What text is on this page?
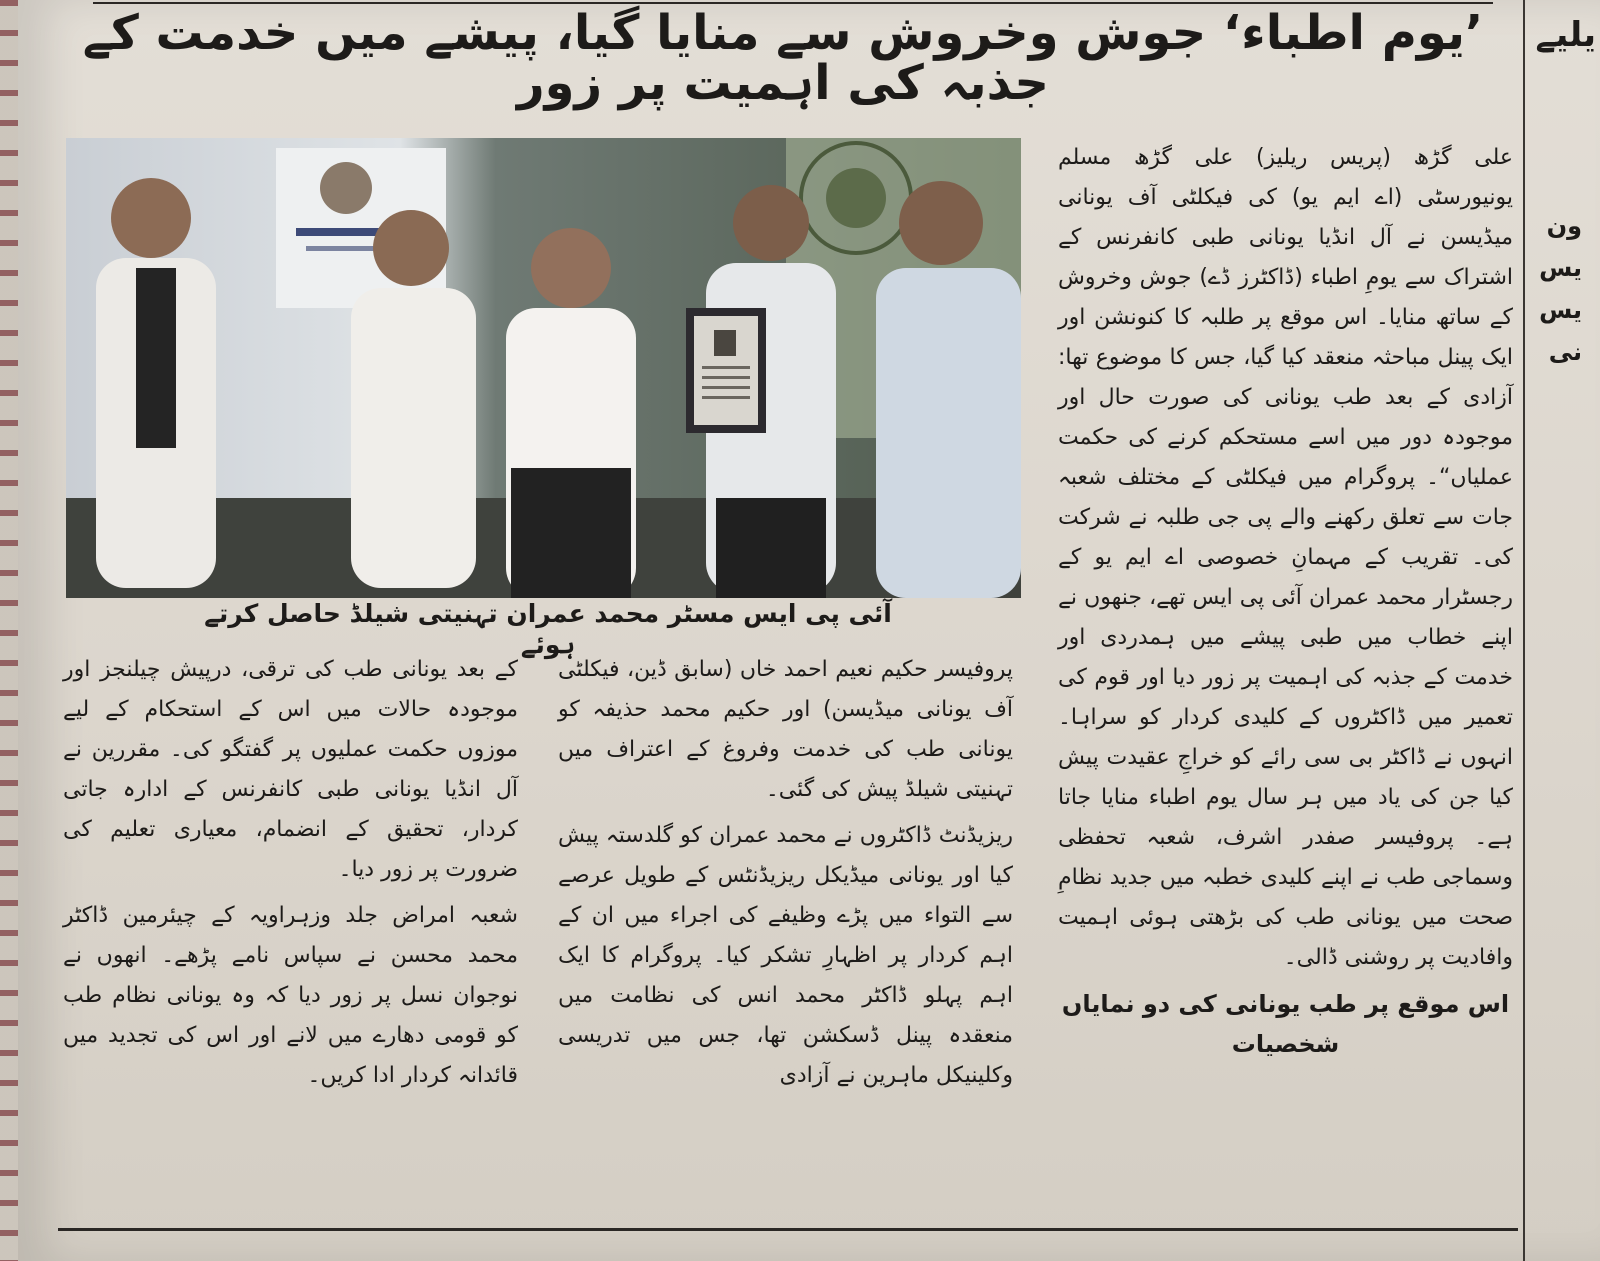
’یوم اطباء‘ جوش وخروش سے منایا گیا، پیشے میں خدمت کے جذبہ کی اہمیت پر زور

آئی پی ایس مسٹر محمد عمران تہنیتی شیلڈ حاصل کرتے ہوئے

علی گڑھ (پریس ریلیز) علی گڑھ مسلم یونیورسٹی (اے ایم یو) کی فیکلٹی آف یونانی میڈیسن نے آل انڈیا یونانی طبی کانفرنس کے اشتراک سے یومِ اطباء (ڈاکٹرز ڈے) جوش وخروش کے ساتھ منایا۔ اس موقع پر طلبہ کا کنونشن اور ایک پینل مباحثہ منعقد کیا گیا، جس کا موضوع تھا: آزادی کے بعد طب یونانی کی صورت حال اور موجودہ دور میں اسے مستحکم کرنے کی حکمت عملیاں“۔ پروگرام میں فیکلٹی کے مختلف شعبہ جات سے تعلق رکھنے والے پی جی طلبہ نے شرکت کی۔ تقریب کے مہمانِ خصوصی اے ایم یو کے رجسٹرار محمد عمران آئی پی ایس تھے، جنھوں نے اپنے خطاب میں طبی پیشے میں ہمدردی اور خدمت کے جذبہ کی اہمیت پر زور دیا اور قوم کی تعمیر میں ڈاکٹروں کے کلیدی کردار کو سراہا۔ انہوں نے ڈاکٹر بی سی رائے کو خراجِ عقیدت پیش کیا جن کی یاد میں ہر سال یوم اطباء منایا جاتا ہے۔ پروفیسر صفدر اشرف، شعبہ تحفظی وسماجی طب نے اپنے کلیدی خطبہ میں جدید نظامِ صحت میں یونانی طب کی بڑھتی ہوئی اہمیت وافادیت پر روشنی ڈالی۔

اس موقع پر طب یونانی کی دو نمایاں شخصیات

پروفیسر حکیم نعیم احمد خاں (سابق ڈین، فیکلٹی آف یونانی میڈیسن) اور حکیم محمد حذیفہ کو یونانی طب کی خدمت وفروغ کے اعتراف میں تہنیتی شیلڈ پیش کی گئی۔

ریزیڈنٹ ڈاکٹروں نے محمد عمران کو گلدستہ پیش کیا اور یونانی میڈیکل ریزیڈنٹس کے طویل عرصے سے التواء میں پڑے وظیفے کی اجراء میں ان کے اہم کردار پر اظہارِ تشکر کیا۔ پروگرام کا ایک اہم پہلو ڈاکٹر محمد انس کی نظامت میں منعقدہ پینل ڈسکشن تھا، جس میں تدریسی وکلینیکل ماہرین نے آزادی

کے بعد یونانی طب کی ترقی، درپیش چیلنجز اور موجودہ حالات میں اس کے استحکام کے لیے موزوں حکمت عملیوں پر گفتگو کی۔ مقررین نے آل انڈیا یونانی طبی کانفرنس کے ادارہ جاتی کردار، تحقیق کے انضمام، معیاری تعلیم کی ضرورت پر زور دیا۔

شعبہ امراض جلد وزہراویہ کے چیئرمین ڈاکٹر محمد محسن نے سپاس نامے پڑھے۔ انھوں نے نوجوان نسل پر زور دیا کہ وہ یونانی نظام طب کو قومی دھارے میں لانے اور اس کی تجدید میں قائدانہ کردار ادا کریں۔

یلیے
ون
یس
یس
نی
